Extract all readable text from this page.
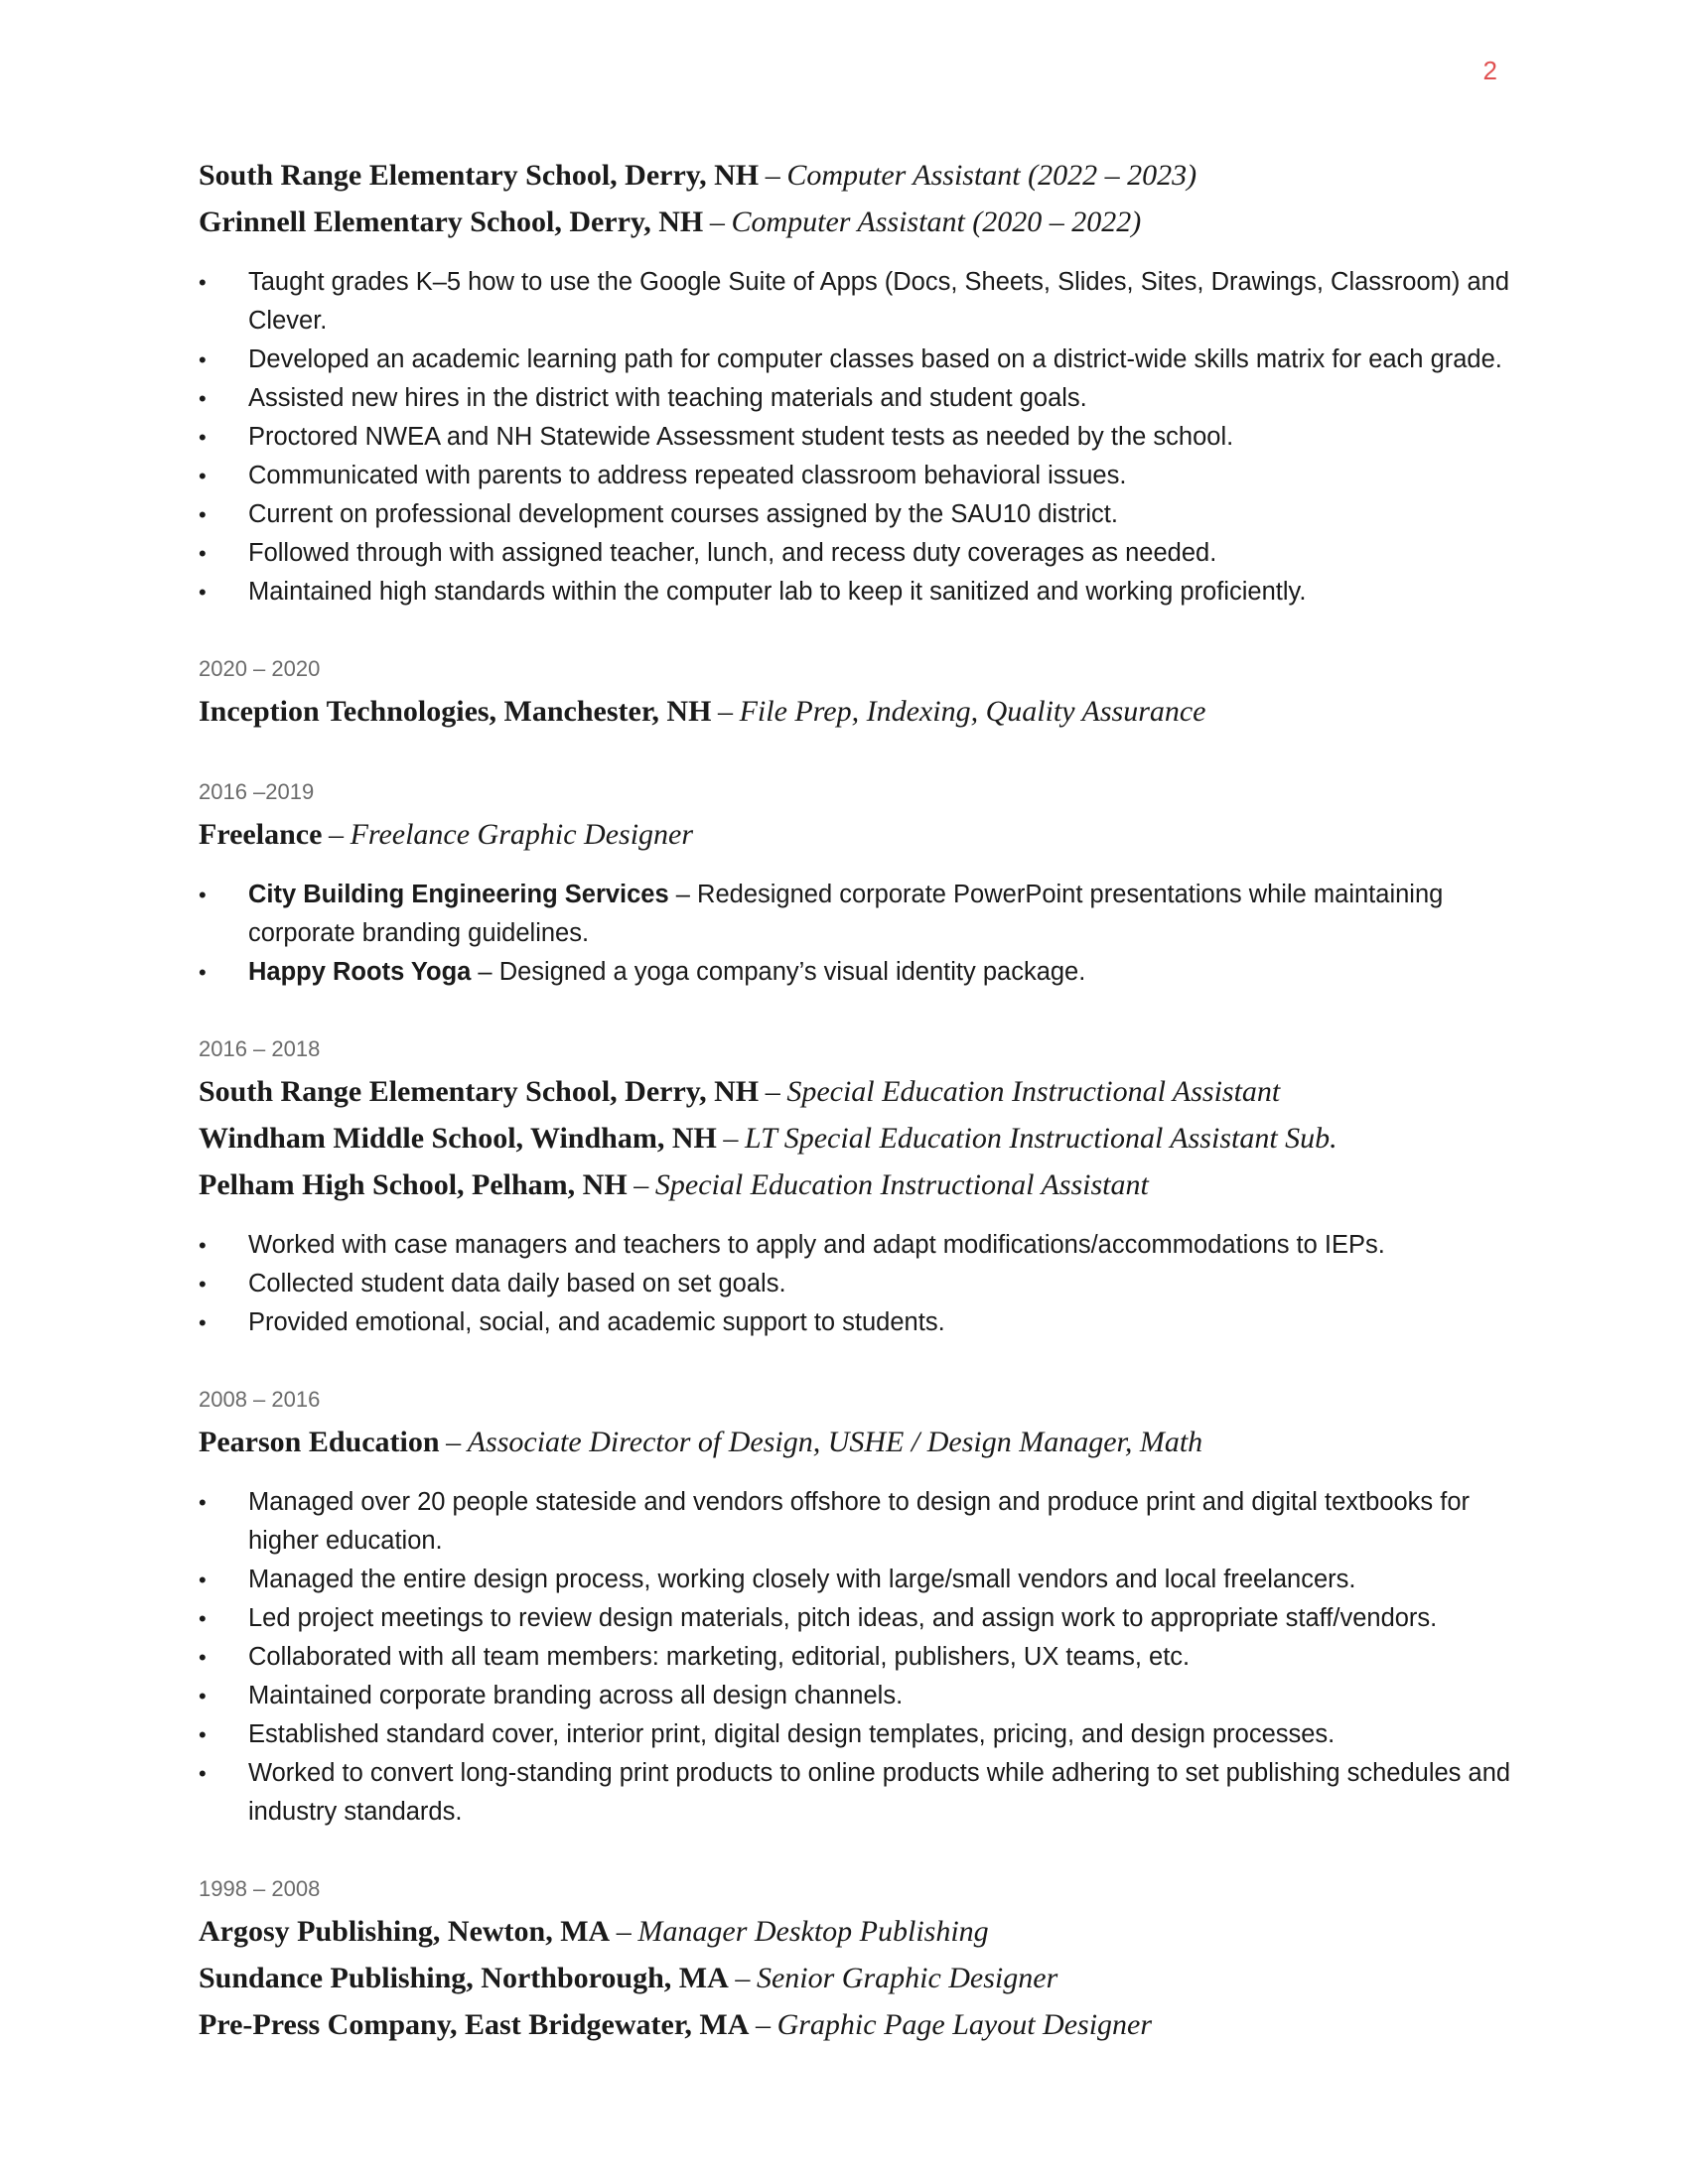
2
South Range Elementary School, Derry, NH – Computer Assistant (2022 – 2023)
Grinnell Elementary School, Derry, NH – Computer Assistant (2020 – 2022)
•	Taught grades K–5 how to use the Google Suite of Apps (Docs, Sheets, Slides, Sites, Drawings, Classroom) and Clever.
•	Developed an academic learning path for computer classes based on a district-wide skills matrix for each grade.
•	Assisted new hires in the district with teaching materials and student goals.
•	Proctored NWEA and NH Statewide Assessment student tests as needed by the school.
•	Communicated with parents to address repeated classroom behavioral issues.
•	Current on professional development courses assigned by the SAU10 district.
•	Followed through with assigned teacher, lunch, and recess duty coverages as needed.
•	Maintained high standards within the computer lab to keep it sanitized and working proficiently.
2020 – 2020
Inception Technologies, Manchester, NH – File Prep, Indexing, Quality Assurance
2016 –2019
Freelance – Freelance Graphic Designer
•	City Building Engineering Services – Redesigned corporate PowerPoint presentations while maintaining corporate branding guidelines.
•	Happy Roots Yoga – Designed a yoga company’s visual identity package.
2016 – 2018
South Range Elementary School, Derry, NH – Special Education Instructional Assistant
Windham Middle School, Windham, NH – LT Special Education Instructional Assistant Sub.
Pelham High School, Pelham, NH – Special Education Instructional Assistant
•	Worked with case managers and teachers to apply and adapt modifications/accommodations to IEPs.
•	Collected student data daily based on set goals.
•	Provided emotional, social, and academic support to students.
2008 – 2016
Pearson Education – Associate Director of Design, USHE / Design Manager, Math
•	Managed over 20 people stateside and vendors offshore to design and produce print and digital textbooks for higher education.
•	Managed the entire design process, working closely with large/small vendors and local freelancers.
•	Led project meetings to review design materials, pitch ideas, and assign work to appropriate staff/vendors.
•	Collaborated with all team members: marketing, editorial, publishers, UX teams, etc.
•	Maintained corporate branding across all design channels.
•	Established standard cover, interior print, digital design templates, pricing, and design processes.
•	Worked to convert long-standing print products to online products while adhering to set publishing schedules and industry standards.
1998 – 2008
Argosy Publishing, Newton, MA – Manager Desktop Publishing
Sundance Publishing, Northborough, MA – Senior Graphic Designer
Pre-Press Company, East Bridgewater, MA – Graphic Page Layout Designer
